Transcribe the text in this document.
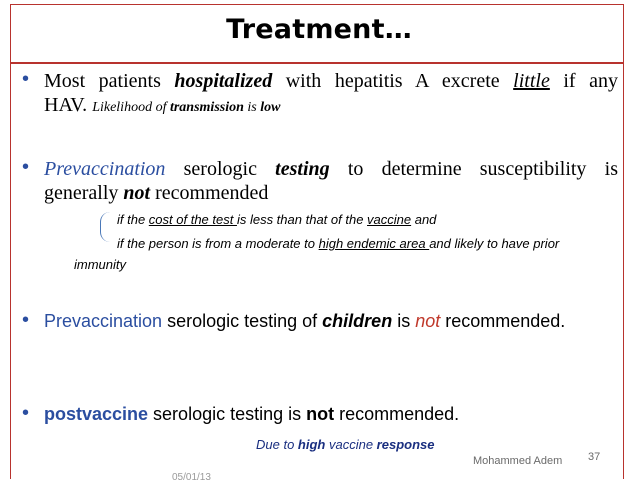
Treatment…
• Most patients hospitalized with hepatitis A excrete little if any
HAV. Likelihood of transmission is low
• Prevaccination serologic testing to determine susceptibility is
generally not recommended
if the cost of the test is less than that of the vaccine and
if the person is from a moderate to high endemic area and likely to have prior
immunity
• Prevaccination serologic testing of children is not recommended.
• postvaccine serologic testing is not recommended.
Due to high vaccine response
Mohammed Adem 37
05/01/13
